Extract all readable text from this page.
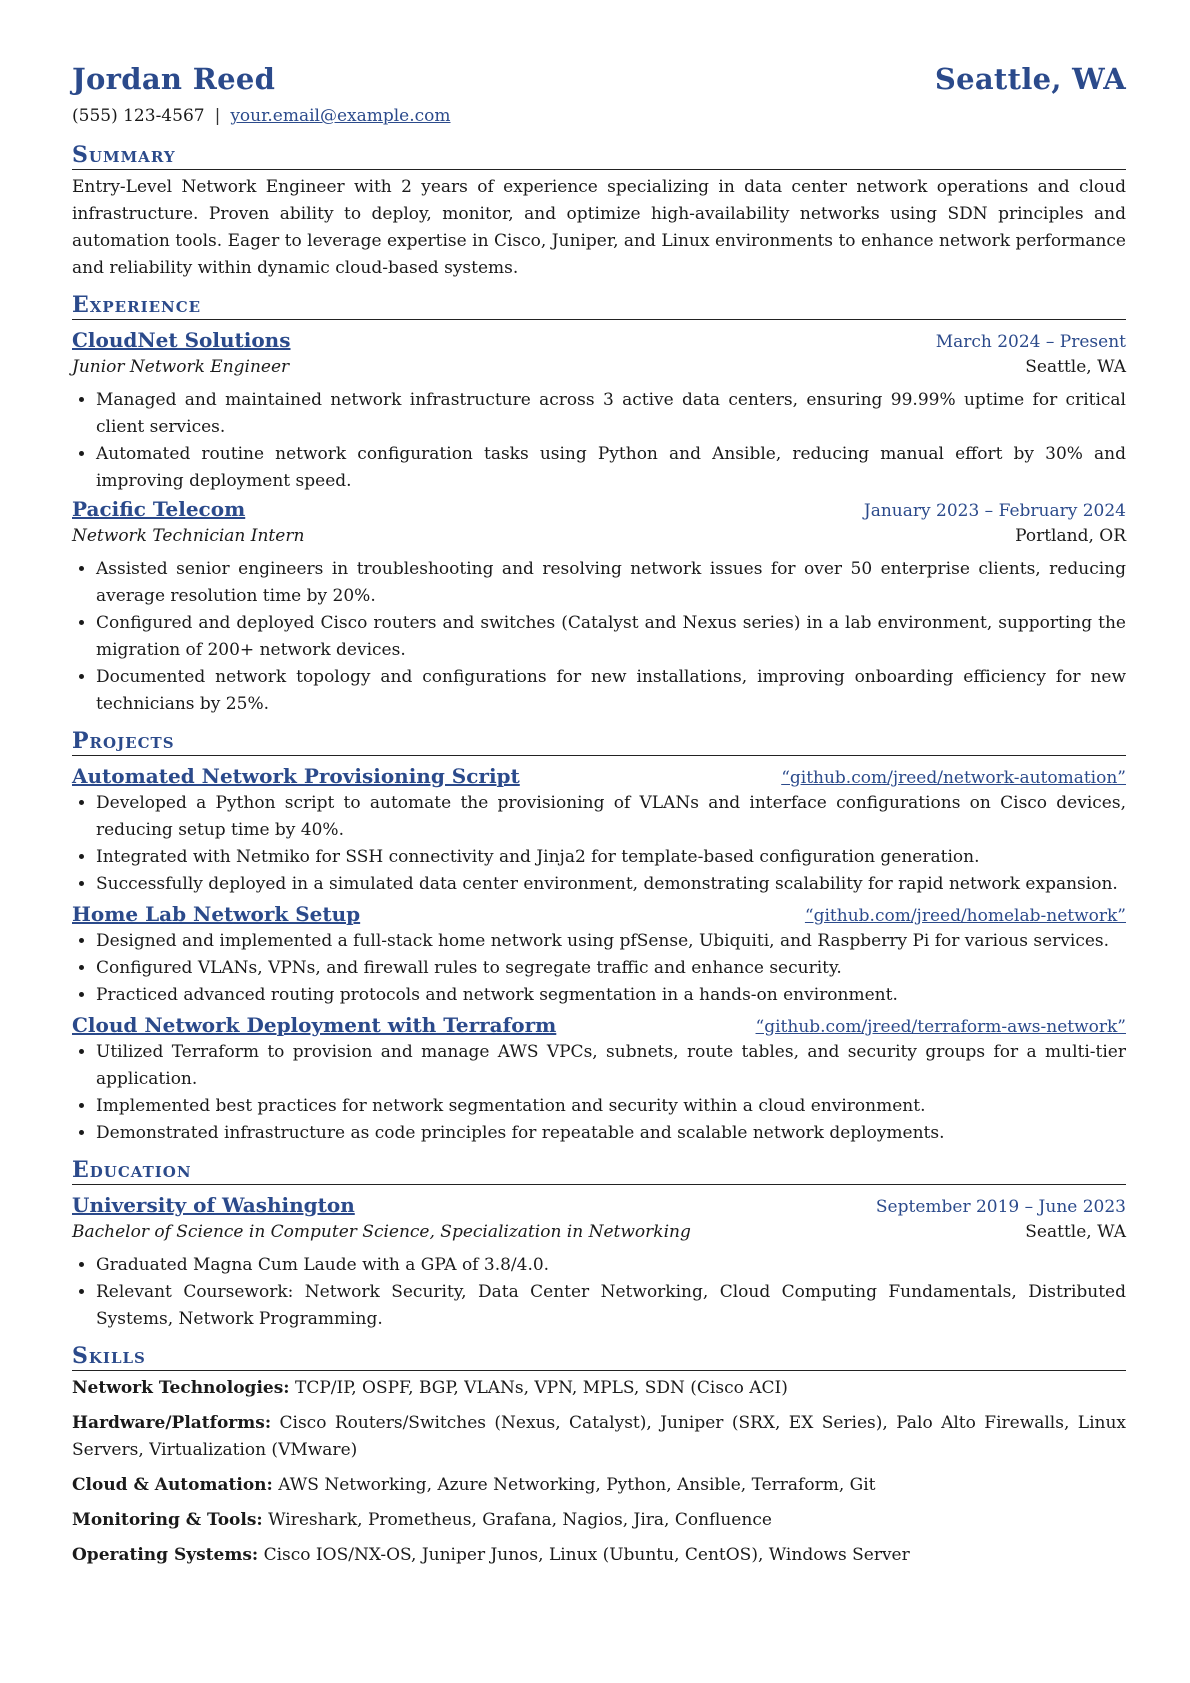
Jordan Reed	Seattle, WA
(555) 123-4567 | your.email@example.com
Summary
Entry-Level Network Engineer with 2 years of experience specializing in data center network operations and cloud infrastructure. Proven ability to deploy, monitor, and optimize high-availability networks using SDN principles and automation tools. Eager to leverage expertise in Cisco, Juniper, and Linux environments to enhance network performance and reliability within dynamic cloud-based systems.
Experience
CloudNet Solutions	March 2024 – Present
Junior Network Engineer	Seattle, WA
• Managed and maintained network infrastructure across 3 active data centers, ensuring 99.99% uptime for critical client services.
• Automated routine network configuration tasks using Python and Ansible, reducing manual effort by 30% and improving deployment speed.
Pacific Telecom	January 2023 – February 2024
Network Technician Intern	Portland, OR
• Assisted senior engineers in troubleshooting and resolving network issues for over 50 enterprise clients, reducing average resolution time by 20%.
• Configured and deployed Cisco routers and switches (Catalyst and Nexus series) in a lab environment, supporting the migration of 200+ network devices.
• Documented network topology and configurations for new installations, improving onboarding efficiency for new technicians by 25%.
Projects
Automated Network Provisioning Script	“github.com/jreed/network-automation”
• Developed a Python script to automate the provisioning of VLANs and interface configurations on Cisco devices, reducing setup time by 40%.
• Integrated with Netmiko for SSH connectivity and Jinja2 for template-based configuration generation.
• Successfully deployed in a simulated data center environment, demonstrating scalability for rapid network expansion.
Home Lab Network Setup	“github.com/jreed/homelab-network”
• Designed and implemented a full-stack home network using pfSense, Ubiquiti, and Raspberry Pi for various services.
• Configured VLANs, VPNs, and firewall rules to segregate traffic and enhance security.
• Practiced advanced routing protocols and network segmentation in a hands-on environment.
Cloud Network Deployment with Terraform	“github.com/jreed/terraform-aws-network”
• Utilized Terraform to provision and manage AWS VPCs, subnets, route tables, and security groups for a multi-tier application.
• Implemented best practices for network segmentation and security within a cloud environment.
• Demonstrated infrastructure as code principles for repeatable and scalable network deployments.
Education
University of Washington	September 2019 – June 2023
Bachelor of Science in Computer Science, Specialization in Networking	Seattle, WA
• Graduated Magna Cum Laude with a GPA of 3.8/4.0.
• Relevant Coursework: Network Security, Data Center Networking, Cloud Computing Fundamentals, Distributed Systems, Network Programming.
Skills
Network Technologies: TCP/IP, OSPF, BGP, VLANs, VPN, MPLS, SDN (Cisco ACI)
Hardware/Platforms: Cisco Routers/Switches (Nexus, Catalyst), Juniper (SRX, EX Series), Palo Alto Firewalls, Linux Servers, Virtualization (VMware)
Cloud & Automation: AWS Networking, Azure Networking, Python, Ansible, Terraform, Git
Monitoring & Tools: Wireshark, Prometheus, Grafana, Nagios, Jira, Confluence
Operating Systems: Cisco IOS/NX-OS, Juniper Junos, Linux (Ubuntu, CentOS), Windows Server
